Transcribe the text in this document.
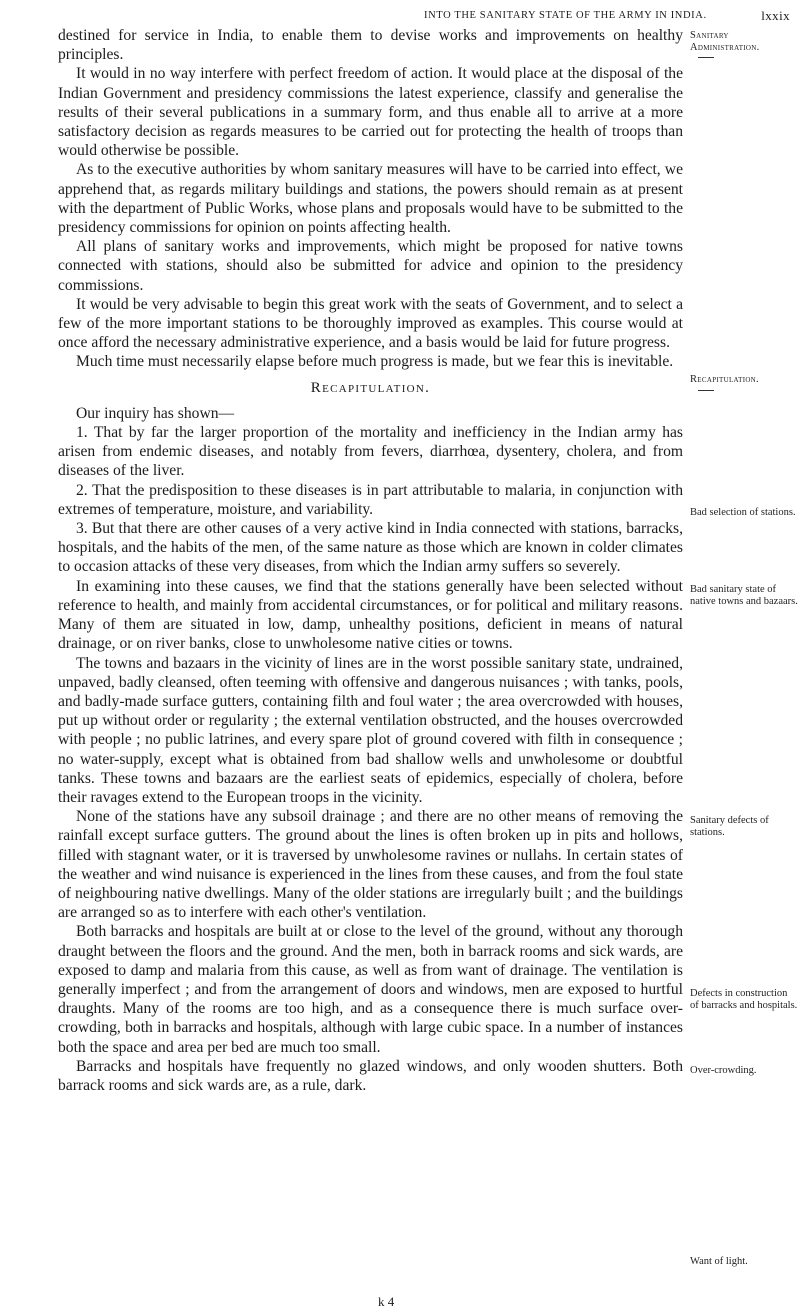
INTO THE SANITARY STATE OF THE ARMY IN INDIA.	lxxix

destined for service in India, to enable them to devise works and improvements on healthy principles.

It would in no way interfere with perfect freedom of action. It would place at the disposal of the Indian Government and presidency commissions the latest experience, classify and generalise the results of their several publications in a summary form, and thus enable all to arrive at a more satisfactory decision as regards measures to be carried out for protecting the health of troops than would otherwise be possible.

As to the executive authorities by whom sanitary measures will have to be carried into effect, we apprehend that, as regards military buildings and stations, the powers should remain as at present with the department of Public Works, whose plans and proposals would have to be submitted to the presidency commissions for opinion on points affecting health.

All plans of sanitary works and improvements, which might be proposed for native towns connected with stations, should also be submitted for advice and opinion to the presidency commissions.

It would be very advisable to begin this great work with the seats of Government, and to select a few of the more important stations to be thoroughly improved as examples. This course would at once afford the necessary administrative experience, and a basis would be laid for future progress.

Much time must necessarily elapse before much progress is made, but we fear this is inevitable.

Recapitulation.

Our inquiry has shown—

1. That by far the larger proportion of the mortality and inefficiency in the Indian army has arisen from endemic diseases, and notably from fevers, diarrhœa, dysentery, cholera, and from diseases of the liver.

2. That the predisposition to these diseases is in part attributable to malaria, in conjunction with extremes of temperature, moisture, and variability.

3. But that there are other causes of a very active kind in India connected with stations, barracks, hospitals, and the habits of the men, of the same nature as those which are known in colder climates to occasion attacks of these very diseases, from which the Indian army suffers so severely.

In examining into these causes, we find that the stations generally have been selected without reference to health, and mainly from accidental circumstances, or for political and military reasons. Many of them are situated in low, damp, unhealthy positions, deficient in means of natural drainage, or on river banks, close to unwholesome native cities or towns.

The towns and bazaars in the vicinity of lines are in the worst possible sanitary state, undrained, unpaved, badly cleansed, often teeming with offensive and dangerous nuisances ; with tanks, pools, and badly-made surface gutters, containing filth and foul water ; the area overcrowded with houses, put up without order or regularity ; the external ventilation obstructed, and the houses overcrowded with people ; no public latrines, and every spare plot of ground covered with filth in consequence ; no water-supply, except what is obtained from bad shallow wells and unwholesome or doubtful tanks. These towns and bazaars are the earliest seats of epidemics, especially of cholera, before their ravages extend to the European troops in the vicinity.

None of the stations have any subsoil drainage ; and there are no other means of removing the rainfall except surface gutters. The ground about the lines is often broken up in pits and hollows, filled with stagnant water, or it is traversed by unwholesome ravines or nullahs. In certain states of the weather and wind nuisance is experienced in the lines from these causes, and from the foul state of neighbouring native dwellings. Many of the older stations are irregularly built ; and the buildings are arranged so as to interfere with each other's ventilation.

Both barracks and hospitals are built at or close to the level of the ground, without any thorough draught between the floors and the ground. And the men, both in barrack rooms and sick wards, are exposed to damp and malaria from this cause, as well as from want of drainage. The ventilation is generally imperfect ; and from the arrangement of doors and windows, men are exposed to hurtful draughts. Many of the rooms are too high, and as a consequence there is much surface over-crowding, both in barracks and hospitals, although with large cubic space. In a number of instances both the space and area per bed are much too small.

Barracks and hospitals have frequently no glazed windows, and only wooden shutters. Both barrack rooms and sick wards are, as a rule, dark.

Sanitary Administration.
Recapitulation.
Bad selection of stations.
Bad sanitary state of native towns and bazaars.
Sanitary defects of stations.
Defects in construction of barracks and hospitals.
Over-crowding.
Want of light.
k 4
